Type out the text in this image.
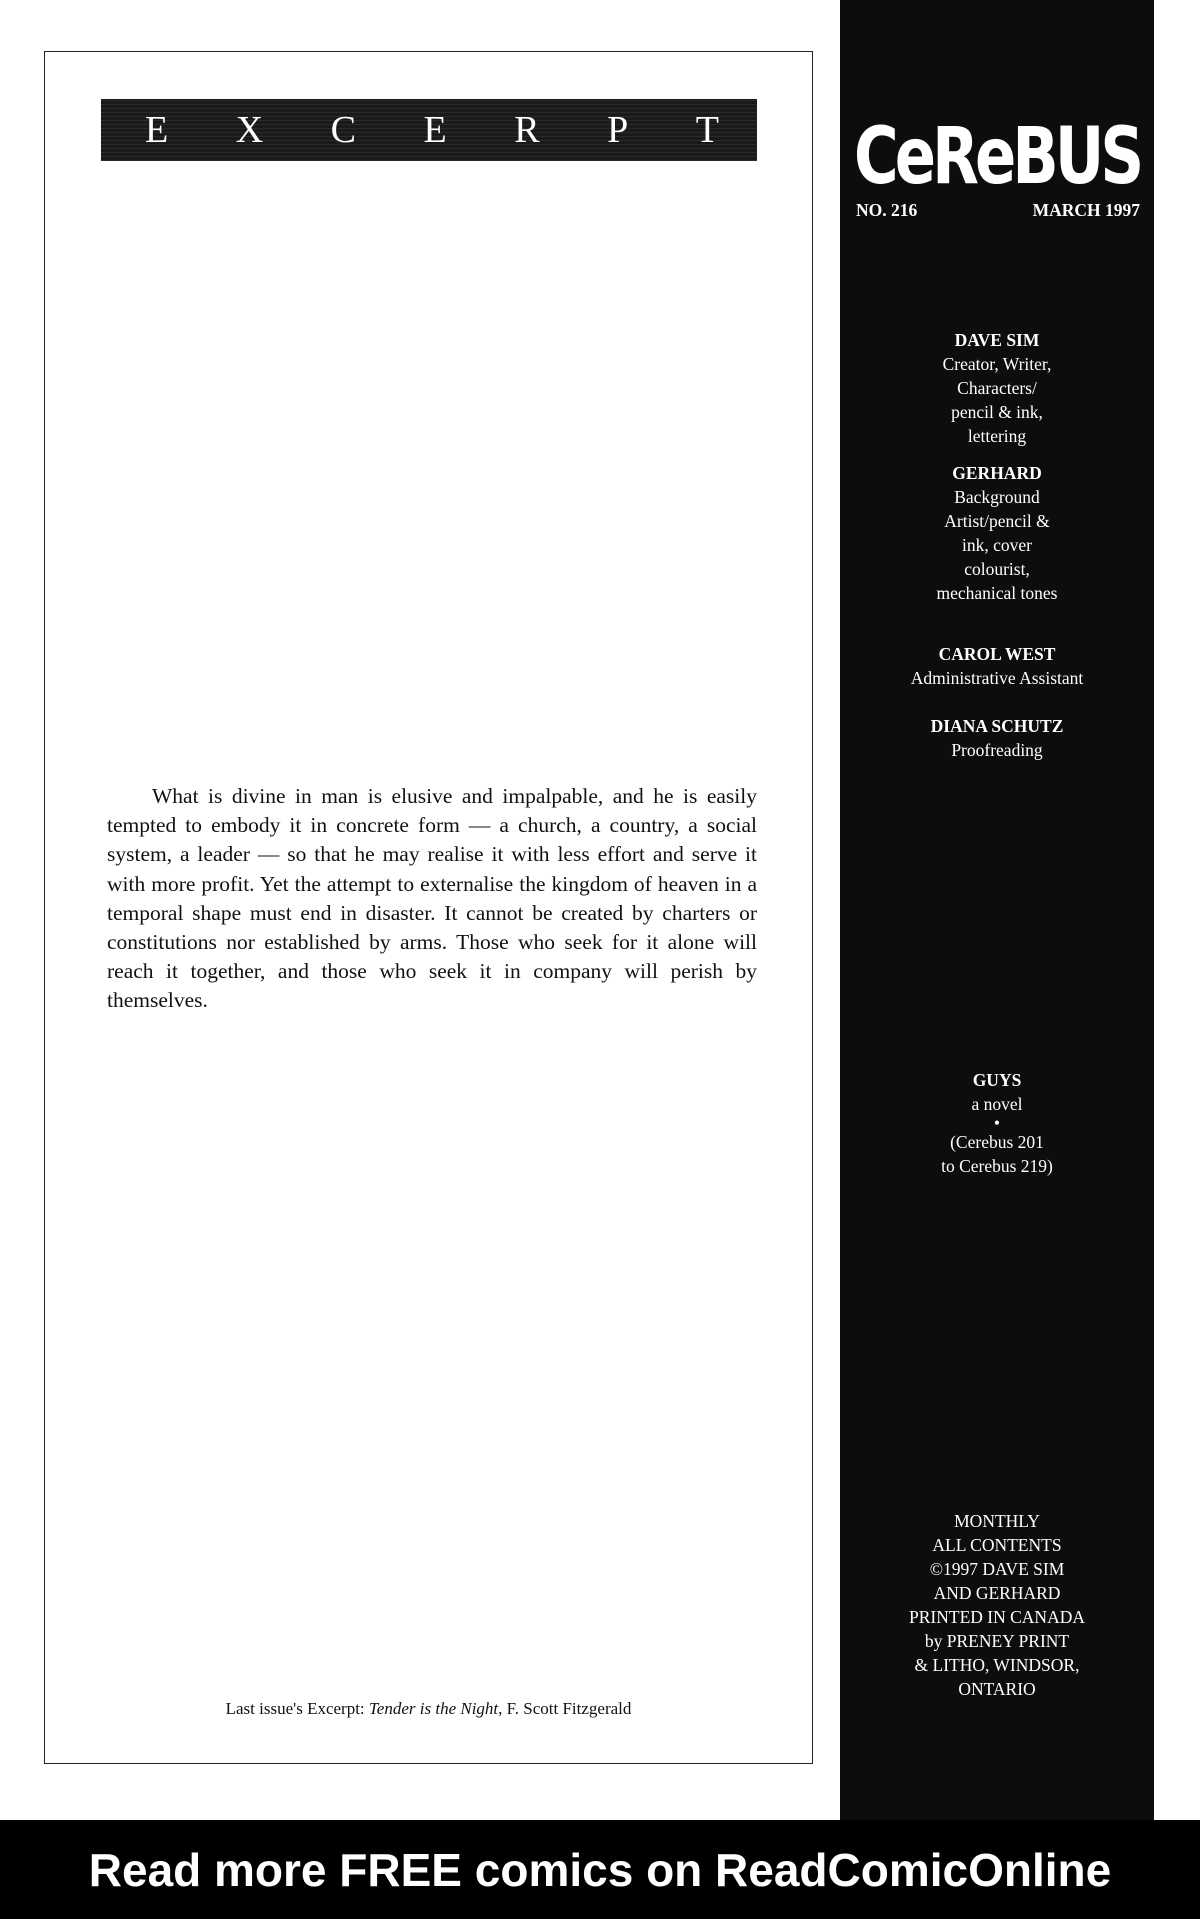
E X C E R P T

What is divine in man is elusive and impalpable, and he is easily tempted to embody it in concrete form — a church, a country, a social system, a leader — so that he may realise it with less effort and serve it with more profit. Yet the attempt to externalise the kingdom of heaven in a temporal shape must end in disaster. It cannot be created by charters or constitutions nor established by arms. Those who seek for it alone will reach it together, and those who seek it in company will perish by themselves.

Last issue's Excerpt: Tender is the Night, F. Scott Fitzgerald
CeReBUS
NO. 216	MARCH 1997
DAVE SIM
Creator, Writer,
Characters/
pencil & ink,
lettering
GERHARD
Background
Artist/pencil &
ink, cover
colourist,
mechanical tones
CAROL WEST
Administrative Assistant
DIANA SCHUTZ
Proofreading
GUYS
a novel
•
(Cerebus 201
to Cerebus 219)
MONTHLY
ALL CONTENTS
©1997 DAVE SIM
AND GERHARD
PRINTED IN CANADA
by PRENEY PRINT
& LITHO, WINDSOR,
ONTARIO
Read more FREE comics on ReadComicOnline
